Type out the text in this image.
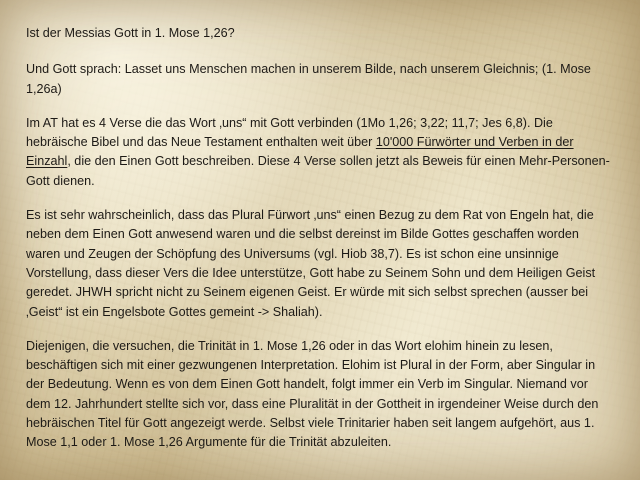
Ist der Messias Gott in 1. Mose 1,26?

Und Gott sprach: Lasset uns Menschen machen in unserem Bilde, nach unserem Gleichnis; (1. Mose 1,26a)

Im AT hat es 4 Verse die das Wort ‚uns“ mit Gott verbinden (1Mo 1,26; 3,22; 11,7; Jes 6,8). Die hebräische Bibel und das Neue Testament enthalten weit über 10'000 Fürwörter und Verben in der Einzahl, die den Einen Gott beschreiben. Diese 4 Verse sollen jetzt als Beweis für einen Mehr-Personen-Gott dienen.

Es ist sehr wahrscheinlich, dass das Plural Fürwort ‚uns“ einen Bezug zu dem Rat von Engeln hat, die neben dem Einen Gott anwesend waren und die selbst dereinst im Bilde Gottes geschaffen worden waren und Zeugen der Schöpfung des Universums (vgl. Hiob 38,7). Es ist schon eine unsinnige Vorstellung, dass dieser Vers die Idee unterstütze, Gott habe zu Seinem Sohn und dem Heiligen Geist geredet. JHWH spricht nicht zu Seinem eigenen Geist. Er würde mit sich selbst sprechen (ausser bei ‚Geist“ ist ein Engelsbote Gottes gemeint -> Shaliah).

Diejenigen, die versuchen, die Trinität in 1. Mose 1,26 oder in das Wort elohim hinein zu lesen, beschäftigen sich mit einer gezwungenen Interpretation. Elohim ist Plural in der Form, aber Singular in der Bedeutung. Wenn es von dem Einen Gott handelt, folgt immer ein Verb im Singular. Niemand vor dem 12. Jahrhundert stellte sich vor, dass eine Pluralität in der Gottheit in irgendeiner Weise durch den hebräischen Titel für Gott angezeigt werde. Selbst viele Trinitarier haben seit langem aufgehört, aus 1. Mose 1,1 oder 1. Mose 1,26 Argumente für die Trinität abzuleiten.
